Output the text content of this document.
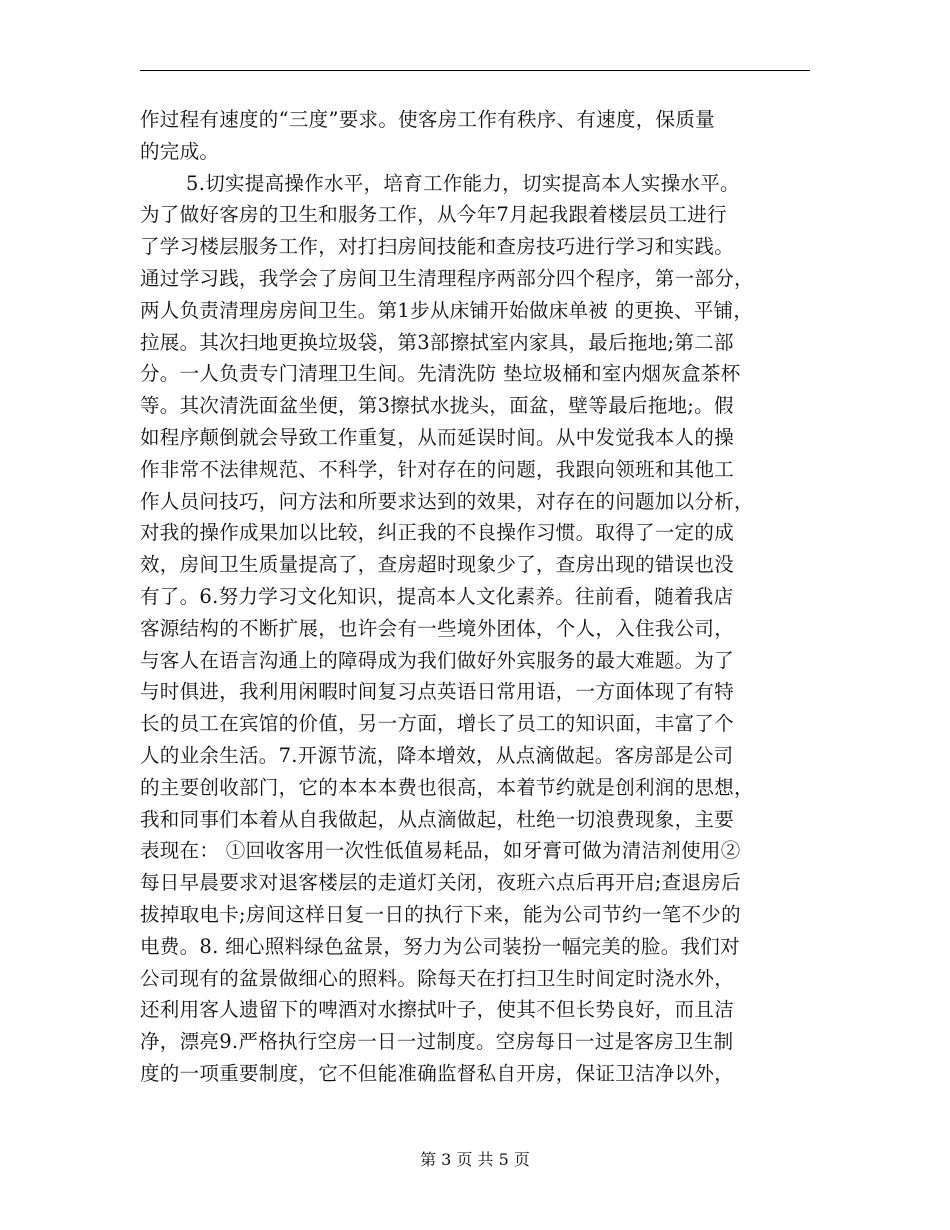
作过程有速度的“三度”要求。使客房工作有秩序、有速度，保质量
的完成。
5.切实提高操作水平，培育工作能力，切实提高本人实操水平。
为了做好客房的卫生和服务工作，从今年7月起我跟着楼层员工进行
了学习楼层服务工作，对打扫房间技能和查房技巧进行学习和实践。
通过学习践，我学会了房间卫生清理程序两部分四个程序，第一部分，
两人负责清理房房间卫生。第1步从床铺开始做床单被 的更换、平铺，
拉展。其次扫地更换垃圾袋，第3部擦拭室内家具，最后拖地;第二部
分。一人负责专门清理卫生间。先清洗防 垫垃圾桶和室内烟灰盒茶杯
等。其次清洗面盆坐便，第3擦拭水拢头，面盆，壁等最后拖地;。假
如程序颠倒就会导致工作重复，从而延误时间。从中发觉我本人的操
作非常不法律规范、不科学，针对存在的问题，我跟向领班和其他工
作人员问技巧，问方法和所要求达到的效果，对存在的问题加以分析，
对我的操作成果加以比较，纠正我的不良操作习惯。取得了一定的成
效，房间卫生质量提高了，查房超时现象少了，查房出现的错误也没
有了。6.努力学习文化知识，提高本人文化素养。往前看，随着我店
客源结构的不断扩展，也许会有一些境外团体，个人，入住我公司，
与客人在语言沟通上的障碍成为我们做好外宾服务的最大难题。为了
与时俱进，我利用闲暇时间复习点英语日常用语，一方面体现了有特
长的员工在宾馆的价值，另一方面，增长了员工的知识面，丰富了个
人的业余生活。7.开源节流，降本增效，从点滴做起。客房部是公司
的主要创收部门，它的本本本费也很高，本着节约就是创利润的思想，
我和同事们本着从自我做起，从点滴做起，杜绝一切浪费现象，主要
表现在： ①回收客用一次性低值易耗品，如牙膏可做为清洁剂使用②
每日早晨要求对退客楼层的走道灯关闭，夜班六点后再开启;查退房后
拔掉取电卡;房间这样日复一日的执行下来，能为公司节约一笔不少的
电费。8. 细心照料绿色盆景，努力为公司装扮一幅完美的脸。我们对
公司现有的盆景做细心的照料。除每天在打扫卫生时间定时浇水外，
还利用客人遗留下的啤酒对水擦拭叶子，使其不但长势良好，而且洁
净，漂亮9.严格执行空房一日一过制度。空房每日一过是客房卫生制
度的一项重要制度，它不但能准确监督私自开房，保证卫洁净以外，
第 3 页 共 5 页
